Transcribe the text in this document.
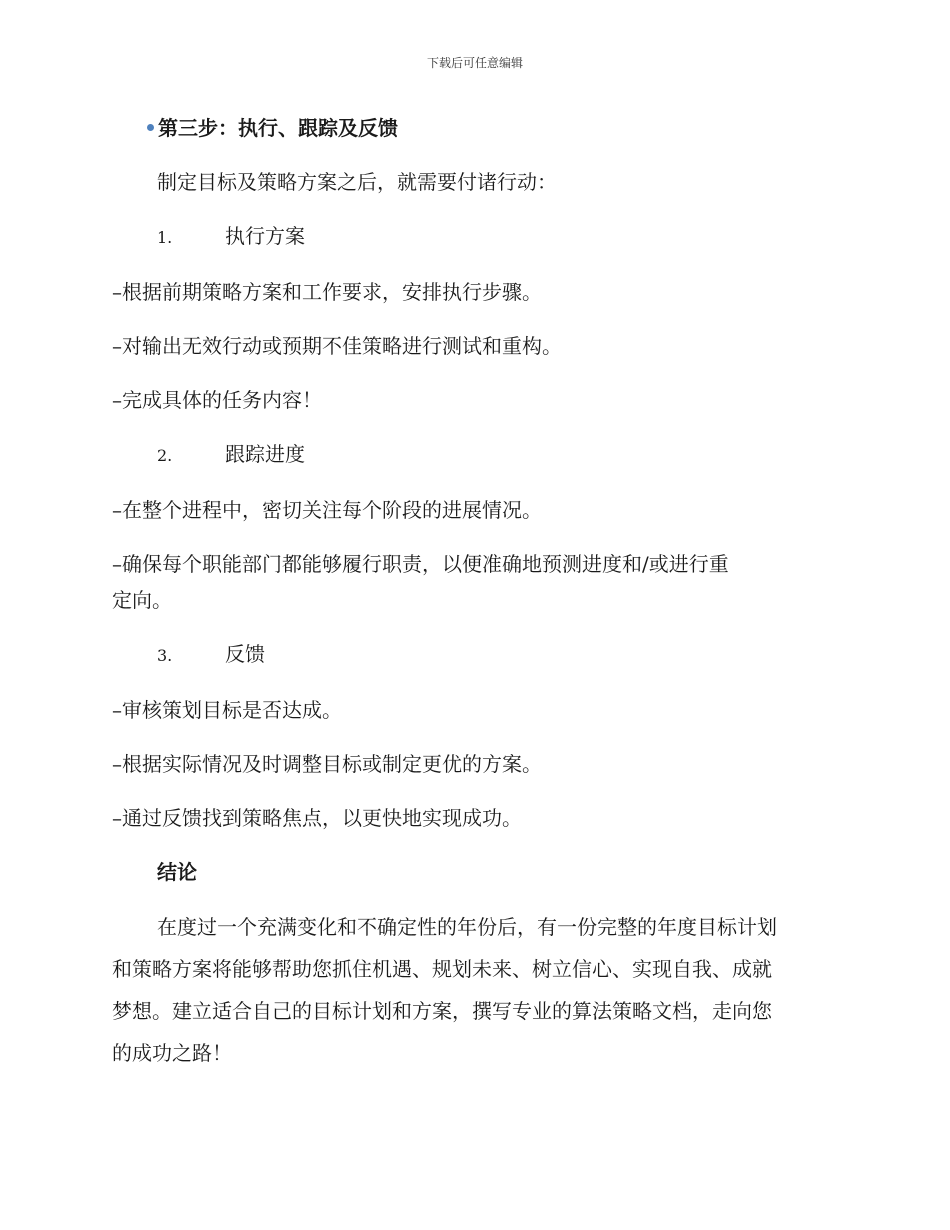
下载后可任意编辑
第三步：执行、跟踪及反馈
制定目标及策略方案之后，就需要付诸行动：
1.	执行方案
–根据前期策略方案和工作要求，安排执行步骤。
–对输出无效行动或预期不佳策略进行测试和重构。
–完成具体的任务内容！
2.	跟踪进度
–在整个进程中，密切关注每个阶段的进展情况。
–确保每个职能部门都能够履行职责，以便准确地预测进度和/或进行重
定向。
3.	反馈
–审核策划目标是否达成。
–根据实际情况及时调整目标或制定更优的方案。
–通过反馈找到策略焦点，以更快地实现成功。
结论
在度过一个充满变化和不确定性的年份后，有一份完整的年度目标计划
和策略方案将能够帮助您抓住机遇、规划未来、树立信心、实现自我、成就
梦想。建立适合自己的目标计划和方案，撰写专业的算法策略文档，走向您
的成功之路！
